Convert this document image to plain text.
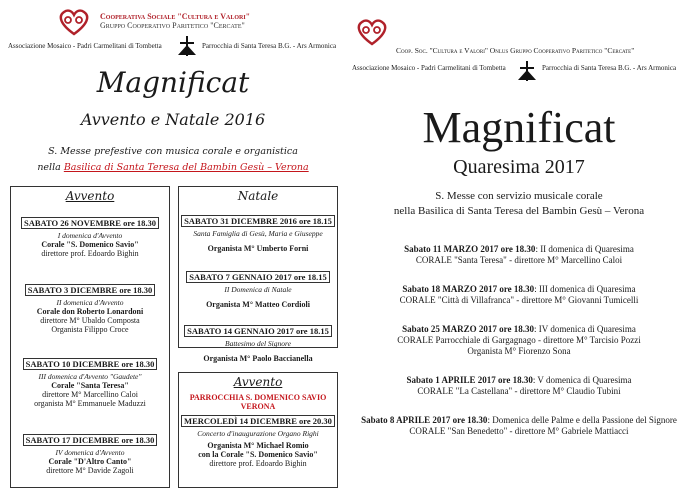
Cooperativa Sociale "Cultura e Valori"
Gruppo Cooperativo Paritetico "Cercate"
Associazione Mosaico - Padri Carmelitani di Tombetta	Parrocchia di Santa Teresa B.G. - Ars Armonica
Magnificat
Avvento e Natale 2016
S. Messe prefestive con musica corale e organistica
nella Basilica di Santa Teresa del Bambin Gesù – Verona
Avvento
SABATO 26 NOVEMBRE ore 18.30
I domenica d'Avvento
Corale "S. Domenico Savio"
direttore prof. Edoardo Bighin
SABATO 3 DICEMBRE ore 18.30
II domenica d'Avvento
Corale don Roberto Lonardoni
direttore M° Ubaldo Composta
Organista Filippo Croce
SABATO 10 DICEMBRE ore 18.30
III domenica d'Avvento "Gaudete"
Corale "Santa Teresa"
direttore M° Marcellino Caloi
organista M° Emmanuele Maduzzi
SABATO 17 DICEMBRE ore 18.30
IV domenica d'Avvento
Corale "D'Altro Canto"
direttore M° Davide Zagoli
Natale
SABATO 31 DICEMBRE 2016 ore 18.15
Santa Famiglia di Gesù, Maria e Giuseppe
Organista M° Umberto Forni
SABATO 7 GENNAIO 2017 ore 18.15
II Domenica di Natale
Organista M° Matteo Cordioli
SABATO 14 GENNAIO 2017 ore 18.15
Battesimo del Signore
Organista M° Paolo Baccianella
Avvento
PARROCCHIA S. DOMENICO SAVIO
VERONA
MERCOLEDÌ 14 DICEMBRE ore 20.30
Concerto d'inaugurazione Organo Righi
Organista M° Michael Romio
con la Corale "S. Domenico Savio"
direttore prof. Edoardo Bighin
Coop. Soc. "Cultura e Valori" Onlus Gruppo Cooperativo Paritetico "Cercate"
Associazione Mosaico - Padri Carmelitani di Tombetta	Parrocchia di Santa Teresa B.G. - Ars Armonica
Magnificat
Quaresima 2017
S. Messe con servizio musicale corale
nella Basilica di Santa Teresa del Bambin Gesù – Verona
Sabato 11 MARZO 2017 ore 18.30: II domenica di Quaresima
CORALE "Santa Teresa" - direttore M° Marcellino Caloi
Sabato 18 MARZO 2017 ore 18.30: III domenica di Quaresima
CORALE "Città di Villafranca" - direttore M° Giovanni Tumicelli
Sabato 25 MARZO 2017 ore 18.30: IV domenica di Quaresima
CORALE Parrocchiale di Gargagnago - direttore M° Tarcisio Pozzi
Organista M° Fiorenzo Sona
Sabato 1 APRILE 2017 ore 18.30: V domenica di Quaresima
CORALE "La Castellana" - direttore M° Claudio Tubini
Sabato 8 APRILE 2017 ore 18.30: Domenica delle Palme e della Passione del Signore
CORALE "San Benedetto" - direttore M° Gabriele Mattiacci
